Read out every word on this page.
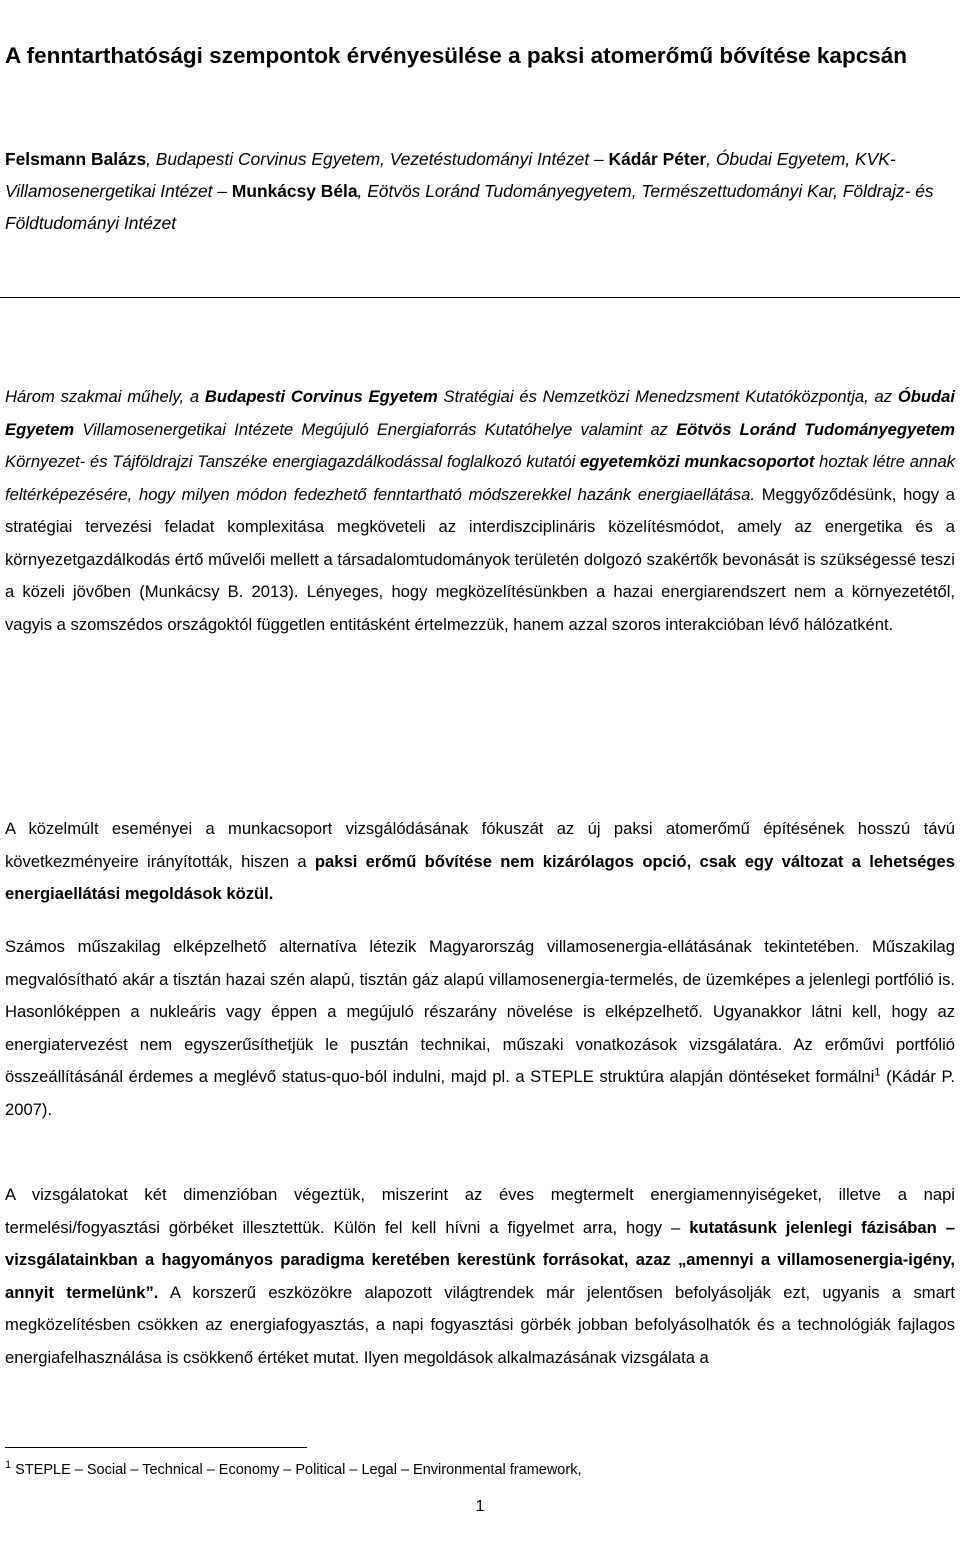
A fenntarthatósági szempontok érvényesülése a paksi atomerőmű bővítése kapcsán
Felsmann Balázs, Budapesti Corvinus Egyetem, Vezetéstudományi Intézet – Kádár Péter, Óbudai Egyetem, KVK-Villamosenergetikai Intézet – Munkácsy Béla, Eötvös Loránd Tudományegyetem, Természettudományi Kar, Földrajz- és Földtudományi Intézet
Három szakmai műhely, a Budapesti Corvinus Egyetem Stratégiai és Nemzetközi Menedzsment Kutatóközpontja, az Óbudai Egyetem Villamosenergetikai Intézete Megújuló Energiaforrás Kutatóhelye valamint az Eötvös Loránd Tudományegyetem Környezet- és Tájföldrajzi Tanszéke energiagazdálkodással foglalkozó kutatói egyetemközi munkacsoportot hoztak létre annak feltérképezésére, hogy milyen módon fedezhető fenntartható módszerekkel hazánk energiaellátása. Meggyőződésünk, hogy a stratégiai tervezési feladat komplexitása megköveteli az interdiszciplináris közelítésmódot, amely az energetika és a környezetgazdálkodás értő művelői mellett a társadalomtudományok területén dolgozó szakértők bevonását is szükségessé teszi a közeli jövőben (Munkácsy B. 2013). Lényeges, hogy megközelítésünkben a hazai energiarendszert nem a környezetétől, vagyis a szomszédos országoktól független entitásként értelmezzük, hanem azzal szoros interakcióban lévő hálózatként.
A közelmúlt eseményei a munkacsoport vizsgálódásának fókuszát az új paksi atomerőmű építésének hosszú távú következményeire irányították, hiszen a paksi erőmű bővítése nem kizárólagos opció, csak egy változat a lehetséges energiaellátási megoldások közül.
Számos műszakilag elképzelhető alternatíva létezik Magyarország villamosenergia-ellátásának tekintetében. Műszakilag megvalósítható akár a tisztán hazai szén alapú, tisztán gáz alapú villamosenergia-termelés, de üzemképes a jelenlegi portfólió is. Hasonlóképpen a nukleáris vagy éppen a megújuló részarány növelése is elképzelhető. Ugyanakkor látni kell, hogy az energiatervezést nem egyszerűsíthetjük le pusztán technikai, műszaki vonatkozások vizsgálatára. Az erőművi portfólió összeállításánál érdemes a meglévő status-quo-ból indulni, majd pl. a STEPLE struktúra alapján döntéseket formálni$^1$ (Kádár P. 2007).
A vizsgálatokat két dimenzióban végeztük, miszerint az éves megtermelt energiamennyiségeket, illetve a napi termelési/fogyasztási görbéket illesztettük. Külön fel kell hívni a figyelmet arra, hogy – kutatásunk jelenlegi fázisában – vizsgálatainkban a hagyományos paradigma keretében kerestünk forrásokat, azaz „amennyi a villamosenergia-igény, annyit termelünk”. A korszerű eszközökre alapozott világtrendek már jelentősen befolyásolják ezt, ugyanis a smart megközelítésben csökken az energiafogyasztás, a napi fogyasztási görbék jobban befolyásolhatók és a technológiák fajlagos energiafelhasználása is csökkenő értéket mutat. Ilyen megoldások alkalmazásának vizsgálata a
$^1$ STEPLE – Social – Technical – Economy – Political – Legal – Environmental framework,
1
